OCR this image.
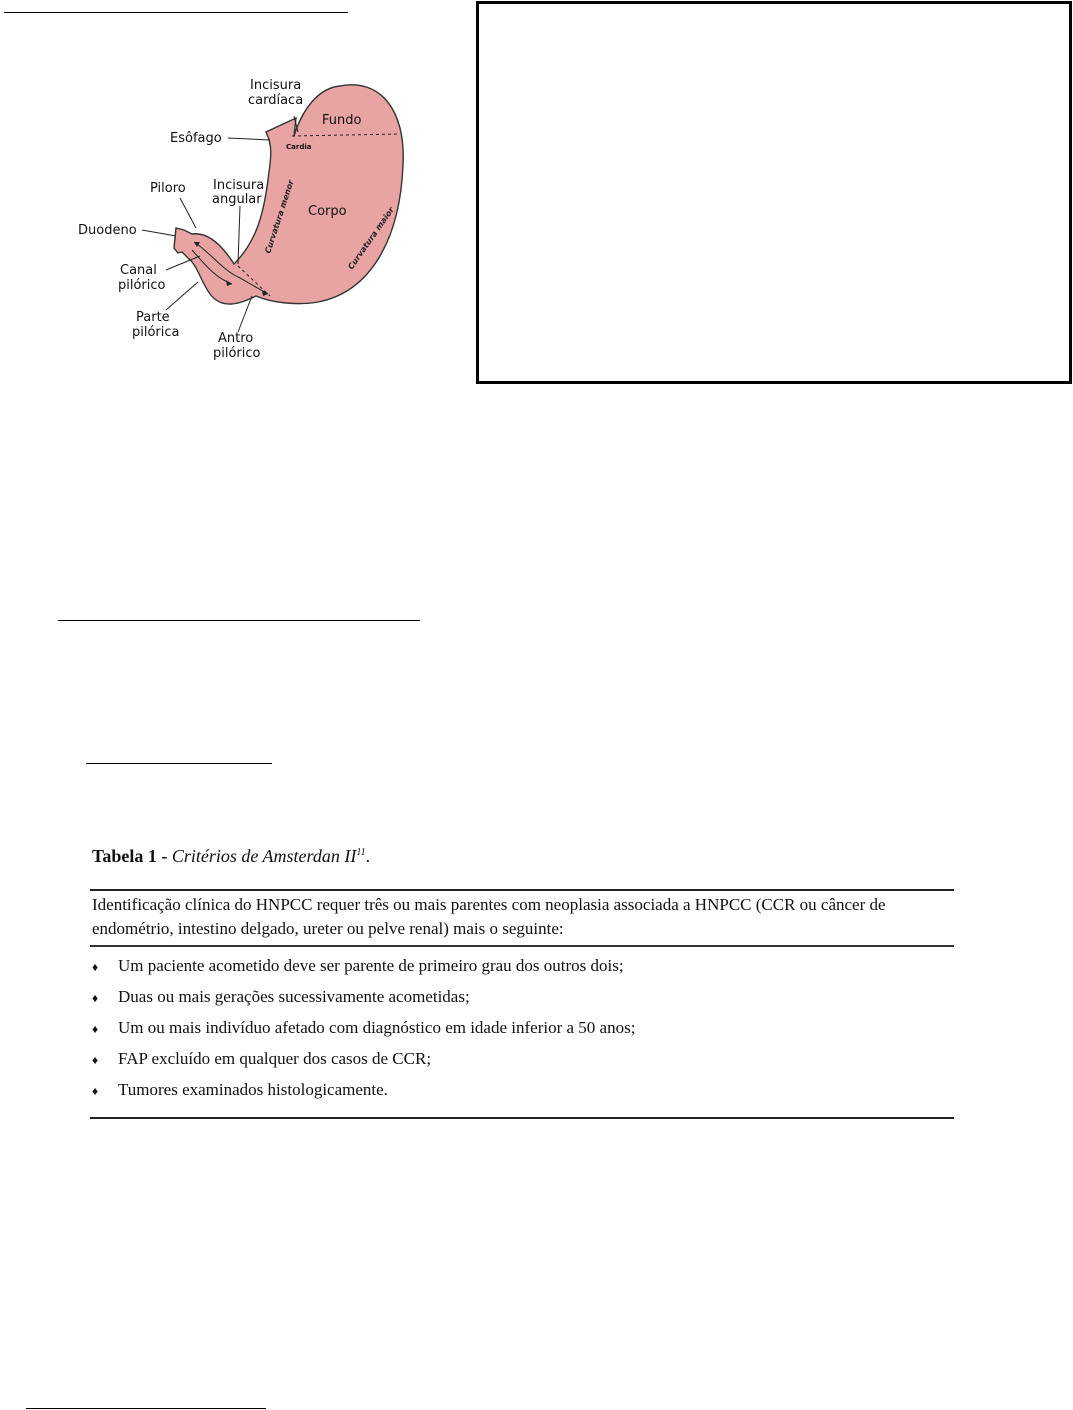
Incisura
cardíaca
Fundo
Esôfago
Cardia
Piloro Incisura
angular
Corpo
Curvatura menor	Curvatura maior
Duodeno
Canal
pilórico
Parte
pilórica	Antro
pilórico
Tabela 1 - Critérios de Amsterdan II$^{11}$.
Identificação clínica do HNPCC requer três ou mais parentes com neoplasia associada a HNPCC (CCR ou câncer de endométrio, intestino delgado, ureter ou pelve renal) mais o seguinte:
♦	Um paciente acometido deve ser parente de primeiro grau dos outros dois;
♦	Duas ou mais gerações sucessivamente acometidas;
♦	Um ou mais indivíduo afetado com diagnóstico em idade inferior a 50 anos;
♦	FAP excluído em qualquer dos casos de CCR;
♦	Tumores examinados histologicamente.
